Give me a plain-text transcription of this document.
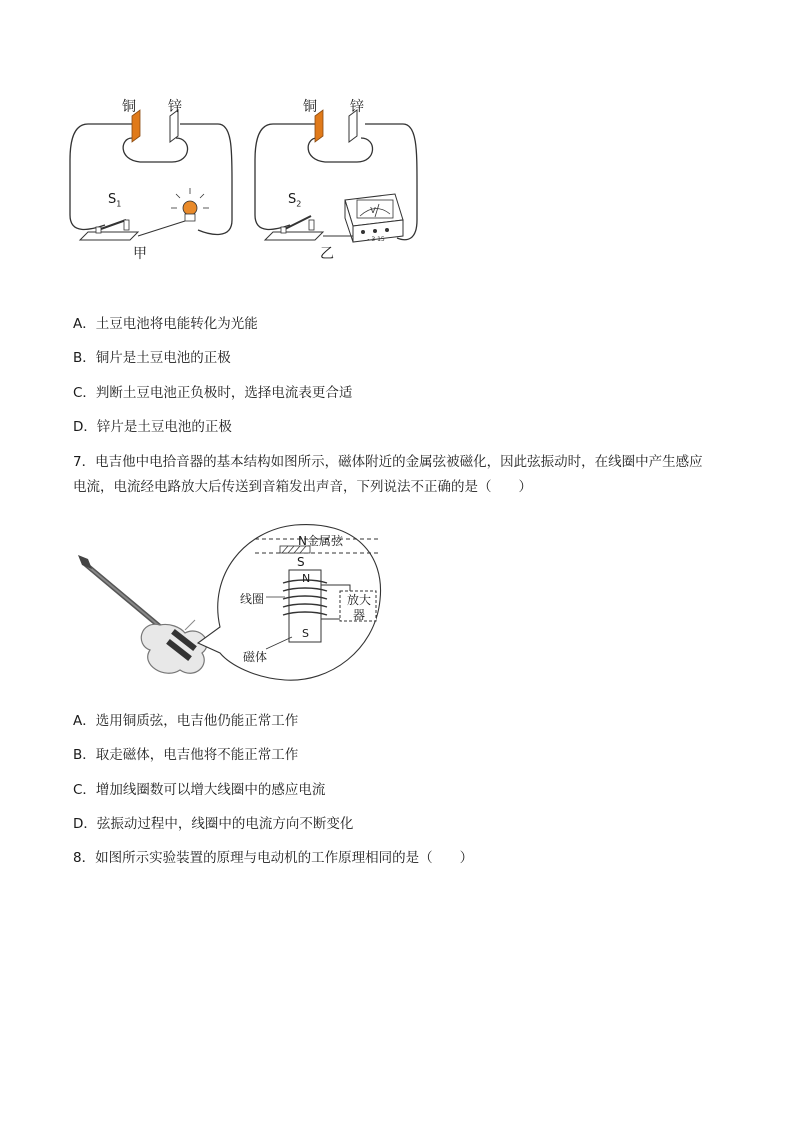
铜 锌
$S_1$
甲
V
- 3 15
铜 锌
$S_2$
乙
A．土豆电池将电能转化为光能
B．铜片是土豆电池的正极
C．判断土豆电池正负极时，选择电流表更合适
D．锌片是土豆电池的正极
7．电吉他中电拾音器的基本结构如图所示，磁体附近的金属弦被磁化，因此弦振动时，在线圈中产生感应
电流，电流经电路放大后传送到音箱发出声音，下列说法不正确的是（　　）
N金属弦
S
N
线圈	放大
器
S
磁体
A．选用铜质弦，电吉他仍能正常工作
B．取走磁体，电吉他将不能正常工作
C．增加线圈数可以增大线圈中的感应电流
D．弦振动过程中，线圈中的电流方向不断变化
8．如图所示实验装置的原理与电动机的工作原理相同的是（　　）
